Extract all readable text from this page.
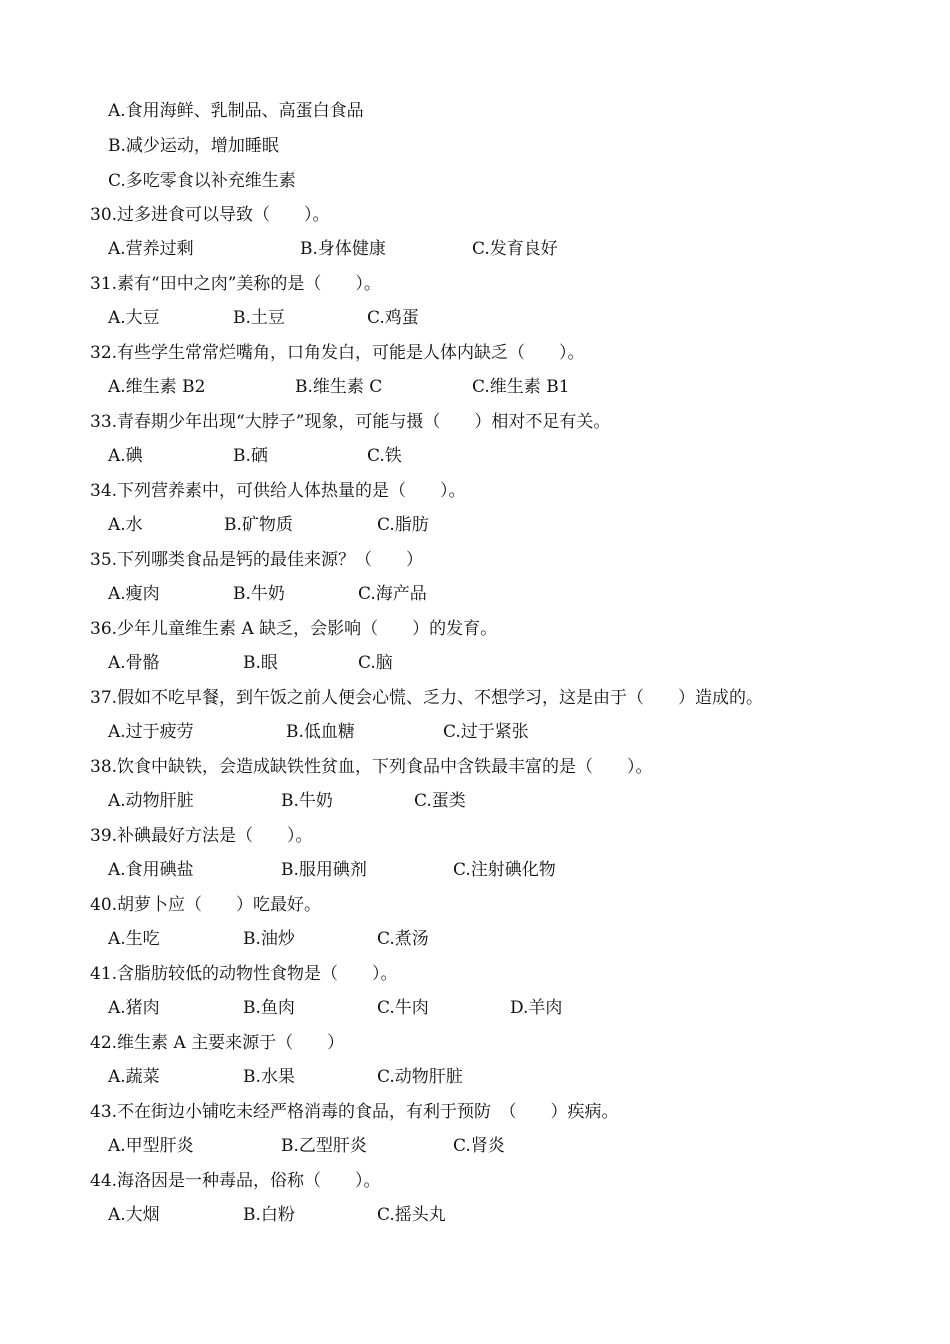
A.食用海鲜、乳制品、高蛋白食品
B.减少运动，增加睡眠
C.多吃零食以补充维生素
30.过多进食可以导致（　　）。
A.营养过剩	B.身体健康	C.发育良好
31.素有“田中之肉”美称的是（　　）。
A.大豆	B.土豆	C.鸡蛋
32.有些学生常常烂嘴角，口角发白，可能是人体内缺乏（　　）。
A.维生素 B2	B.维生素 C	C.维生素 B1
33.青春期少年出现“大脖子”现象，可能与摄（　　）相对不足有关。
A.碘	B.硒	C.铁
34.下列营养素中，可供给人体热量的是（　　）。
A.水	B.矿物质	C.脂肪
35.下列哪类食品是钙的最佳来源？（　　）
A.瘦肉	B.牛奶	C.海产品
36.少年儿童维生素 A 缺乏，会影响（　　）的发育。
A.骨骼	B.眼	C.脑
37.假如不吃早餐，到午饭之前人便会心慌、乏力、不想学习，这是由于（　　）造成的。
A.过于疲劳	B.低血糖	C.过于紧张
38.饮食中缺铁，会造成缺铁性贫血，下列食品中含铁最丰富的是（　　）。
A.动物肝脏	B.牛奶	C.蛋类
39.补碘最好方法是（　　）。
A.食用碘盐	B.服用碘剂	C.注射碘化物
40.胡萝卜应（　　）吃最好。
A.生吃	B.油炒	C.煮汤
41.含脂肪较低的动物性食物是（　　）。
A.猪肉	B.鱼肉	C.牛肉	D.羊肉
42.维生素 A 主要来源于（　　）
A.蔬菜	B.水果	C.动物肝脏
43.不在街边小铺吃未经严格消毒的食品，有利于预防　（　　）疾病。
A.甲型肝炎	B.乙型肝炎	C.肾炎
44.海洛因是一种毒品，俗称（　　）。
A.大烟	B.白粉	C.摇头丸
